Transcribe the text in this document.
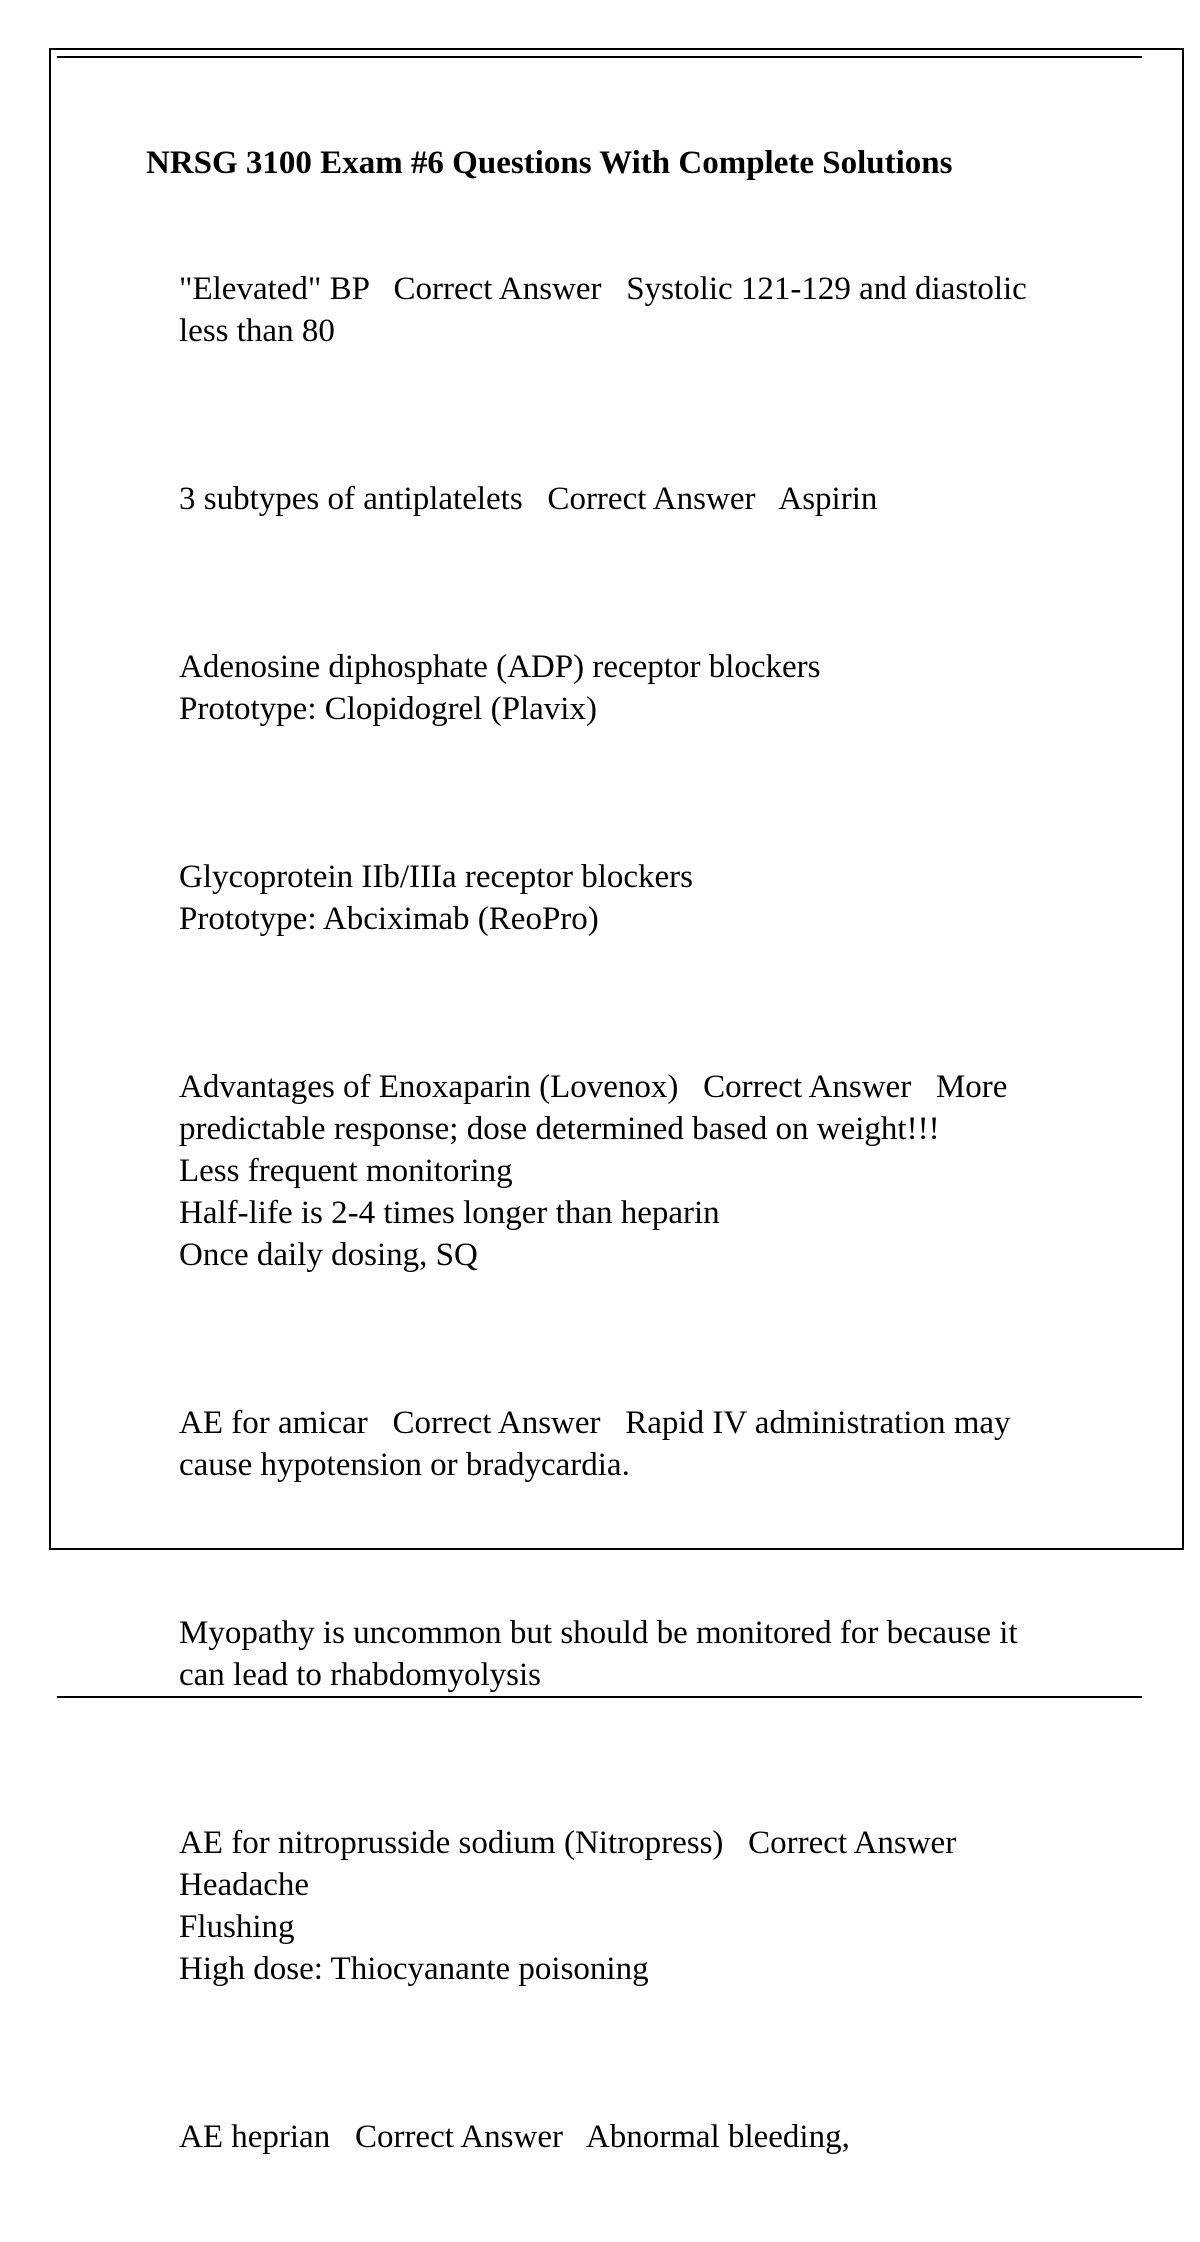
NRSG 3100 Exam #6 Questions With Complete Solutions

"Elevated" BP   Correct Answer   Systolic 121-129 and diastolic
less than 80

3 subtypes of antiplatelets   Correct Answer   Aspirin

Adenosine diphosphate (ADP) receptor blockers
Prototype: Clopidogrel (Plavix)

Glycoprotein IIb/IIIa receptor blockers
Prototype: Abciximab (ReoPro)

Advantages of Enoxaparin (Lovenox)   Correct Answer   More
predictable response; dose determined based on weight!!!
Less frequent monitoring
Half-life is 2-4 times longer than heparin
Once daily dosing, SQ

AE for amicar   Correct Answer   Rapid IV administration may
cause hypotension or bradycardia.

Myopathy is uncommon but should be monitored for because it
can lead to rhabdomyolysis

AE for nitroprusside sodium (Nitropress)   Correct Answer
Headache
Flushing
High dose: Thiocyanante poisoning

AE heprian   Correct Answer   Abnormal bleeding,
